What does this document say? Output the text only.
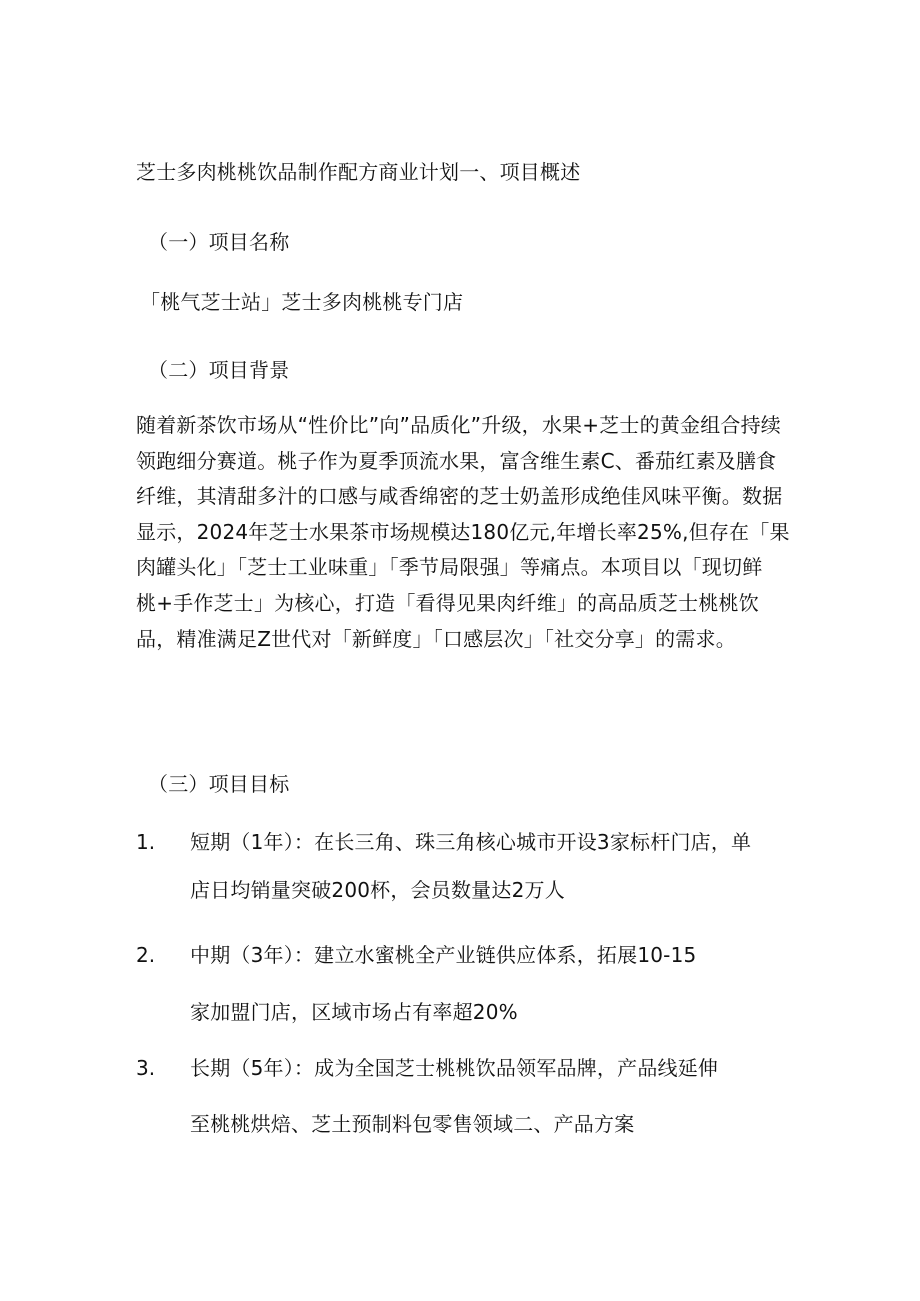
芝士多肉桃桃饮品制作配方商业计划一、项目概述
（一）项目名称
「桃气芝士站」芝士多肉桃桃专门店
（二）项目背景
随着新茶饮市场从“性价比”向”品质化”升级，水果+芝士的黄金组合持续
领跑细分赛道。桃子作为夏季顶流水果，富含维生素C、番茄红素及膳食
纤维，其清甜多汁的口感与咸香绵密的芝士奶盖形成绝佳风味平衡。数据
显示，2024年芝士水果茶市场规模达180亿元,年增长率25%,但存在「果
肉罐头化」「芝士工业味重」「季节局限强」等痛点。本项目以「现切鲜
桃+手作芝士」为核心，打造「看得见果肉纤维」的高品质芝士桃桃饮
品，精准满足Z世代对「新鲜度」「口感层次」「社交分享」的需求。
（三）项目目标
1. 短期（1年）：在长三角、珠三角核心城市开设3家标杆门店，单
店日均销量突破200杯，会员数量达2万人
2. 中期（3年）：建立水蜜桃全产业链供应体系，拓展10-15
家加盟门店，区域市场占有率超20%
3. 长期（5年）：成为全国芝士桃桃饮品领军品牌，产品线延伸
至桃桃烘焙、芝土预制料包零售领域二、产品方案
